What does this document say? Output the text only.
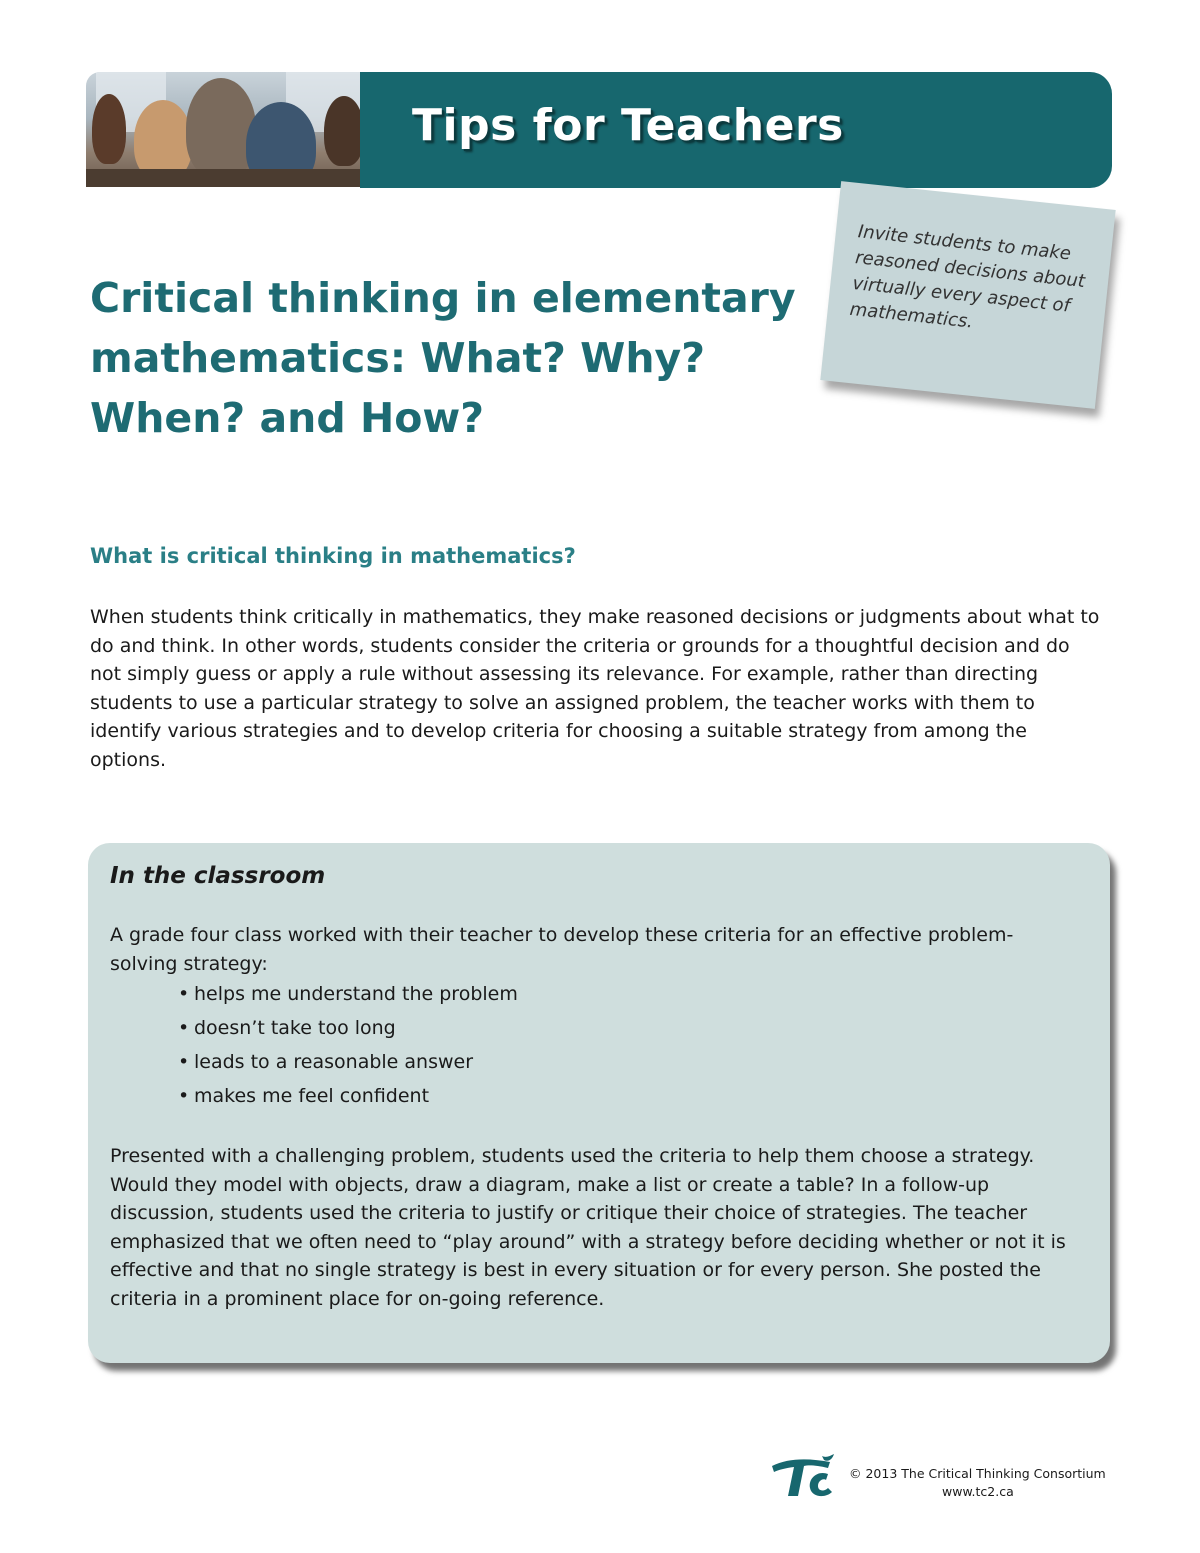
Tips for Teachers
Invite students to make reasoned decisions about virtually every aspect of mathematics.
Critical thinking in elementary mathematics: What? Why? When? and How?
What is critical thinking in mathematics?

When students think critically in mathematics, they make reasoned decisions or judgments about what to do and think. In other words, students consider the criteria or grounds for a thoughtful decision and do not simply guess or apply a rule without assessing its relevance. For example, rather than directing students to use a particular strategy to solve an assigned problem, the teacher works with them to identify various strategies and to develop criteria for choosing a suitable strategy from among the options.

In the classroom

A grade four class worked with their teacher to develop these criteria for an effective problem-solving strategy:

• helps me understand the problem
• doesn’t take too long
• leads to a reasonable answer
• makes me feel confident

Presented with a challenging problem, students used the criteria to help them choose a strategy. Would they model with objects, draw a diagram, make a list or create a table? In a follow-up discussion, students used the criteria to justify or critique their choice of strategies. The teacher emphasized that we often need to “play around” with a strategy before deciding whether or not it is effective and that no single strategy is best in every situation or for every person. She posted the criteria in a prominent place for on-going reference.

© 2013 The Critical Thinking Consortium
www.tc2.ca
